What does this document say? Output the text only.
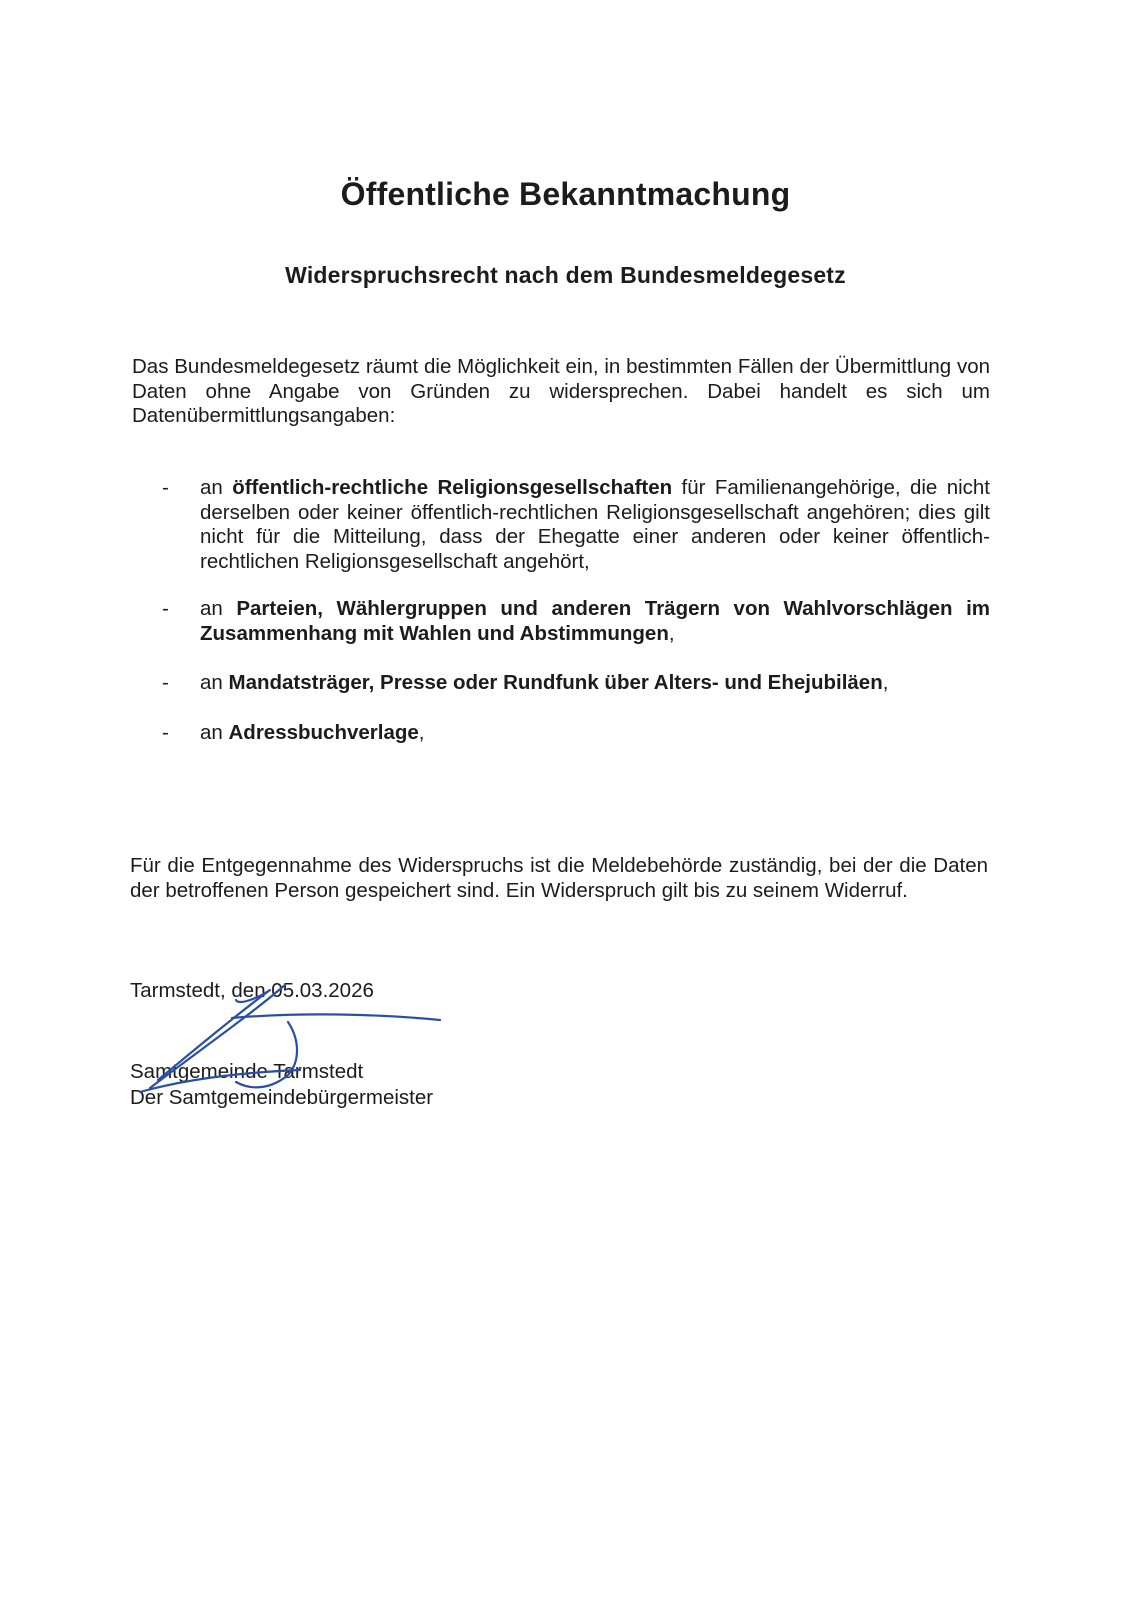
Öffentliche Bekanntmachung
Widerspruchsrecht nach dem Bundesmeldegesetz

Das Bundesmeldegesetz räumt die Möglichkeit ein, in bestimmten Fällen der Übermittlung von Daten ohne Angabe von Gründen zu widersprechen. Dabei handelt es sich um Datenübermittlungsangaben:

- an öffentlich-rechtliche Religionsgesellschaften für Familienangehörige, die nicht derselben oder keiner öffentlich-rechtlichen Religionsgesellschaft angehören; dies gilt nicht für die Mitteilung, dass der Ehegatte einer anderen oder keiner öffentlich-rechtlichen Religionsgesellschaft angehört,
- an Parteien, Wählergruppen und anderen Trägern von Wahlvorschlägen im Zusammenhang mit Wahlen und Abstimmungen,
- an Mandatsträger, Presse oder Rundfunk über Alters- und Ehejubiläen,
- an Adressbuchverlage,

Für die Entgegennahme des Widerspruchs ist die Meldebehörde zuständig, bei der die Daten der betroffenen Person gespeichert sind. Ein Widerspruch gilt bis zu seinem Widerruf.

Tarmstedt, den 05.03.2026

Samtgemeinde Tarmstedt
Der Samtgemeindebürgermeister
